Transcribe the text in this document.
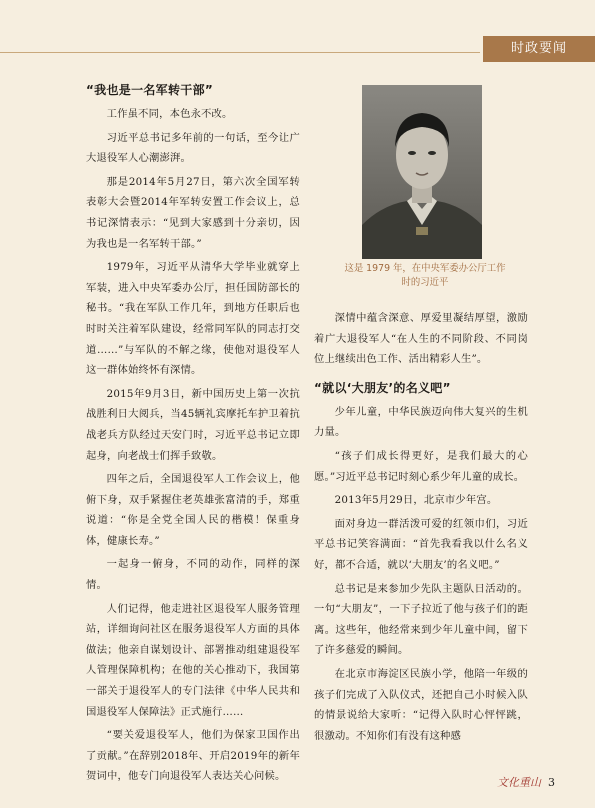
时政要闻
“我也是一名军转干部”

工作虽不同，本色永不改。

习近平总书记多年前的一句话，至今让广大退役军人心潮澎湃。

那是2014年5月27日，第六次全国军转表彰大会暨2014年军转安置工作会议上，总书记深情表示：“见到大家感到十分亲切，因为我也是一名军转干部。”

1979年，习近平从清华大学毕业就穿上军装，进入中央军委办公厅，担任国防部长的秘书。“我在军队工作几年，到地方任职后也时时关注着军队建设，经常同军队的同志打交道……”与军队的不解之缘，使他对退役军人这一群体始终怀有深情。

2015年9月3日，新中国历史上第一次抗战胜利日大阅兵，当45辆礼宾摩托车护卫着抗战老兵方队经过天安门时，习近平总书记立即起身，向老战士们挥手致敬。

四年之后，全国退役军人工作会议上，他俯下身，双手紧握住老英雄张富清的手，郑重说道：“你是全党全国人民的楷模！保重身体，健康长寿。”

一起身一俯身，不同的动作，同样的深情。

人们记得，他走进社区退役军人服务管理站，详细询问社区在服务退役军人方面的具体做法；他亲自谋划设计、部署推动组建退役军人管理保障机构；在他的关心推动下，我国第一部关于退役军人的专门法律《中华人民共和国退役军人保障法》正式施行……

“要关爱退役军人，他们为保家卫国作出了贡献。”在辞别2018年、开启2019年的新年贺词中，他专门向退役军人表达关心问候。

这是 1979 年，在中央军委办公厅工作时的习近平

深情中蕴含深意、厚爱里凝结厚望，激励着广大退役军人“在人生的不同阶段、不同岗位上继续出色工作、活出精彩人生”。

“就以‘大朋友’的名义吧”

少年儿童，中华民族迈向伟大复兴的生机力量。

“孩子们成长得更好，是我们最大的心愿。”习近平总书记时刻心系少年儿童的成长。

2013年5月29日，北京市少年宫。

面对身边一群活泼可爱的红领巾们，习近平总书记笑容满面：“首先我看我以什么名义好，都不合适，就以‘大朋友’的名义吧。”

总书记是来参加少先队主题队日活动的。一句“大朋友”，一下子拉近了他与孩子们的距离。这些年，他经常来到少年儿童中间，留下了许多慈爱的瞬间。

在北京市海淀区民族小学，他陪一年级的孩子们完成了入队仪式，还把自己小时候入队的情景说给大家听：“记得入队时心怦怦跳，很激动。不知你们有没有这种感

文化重山 3
